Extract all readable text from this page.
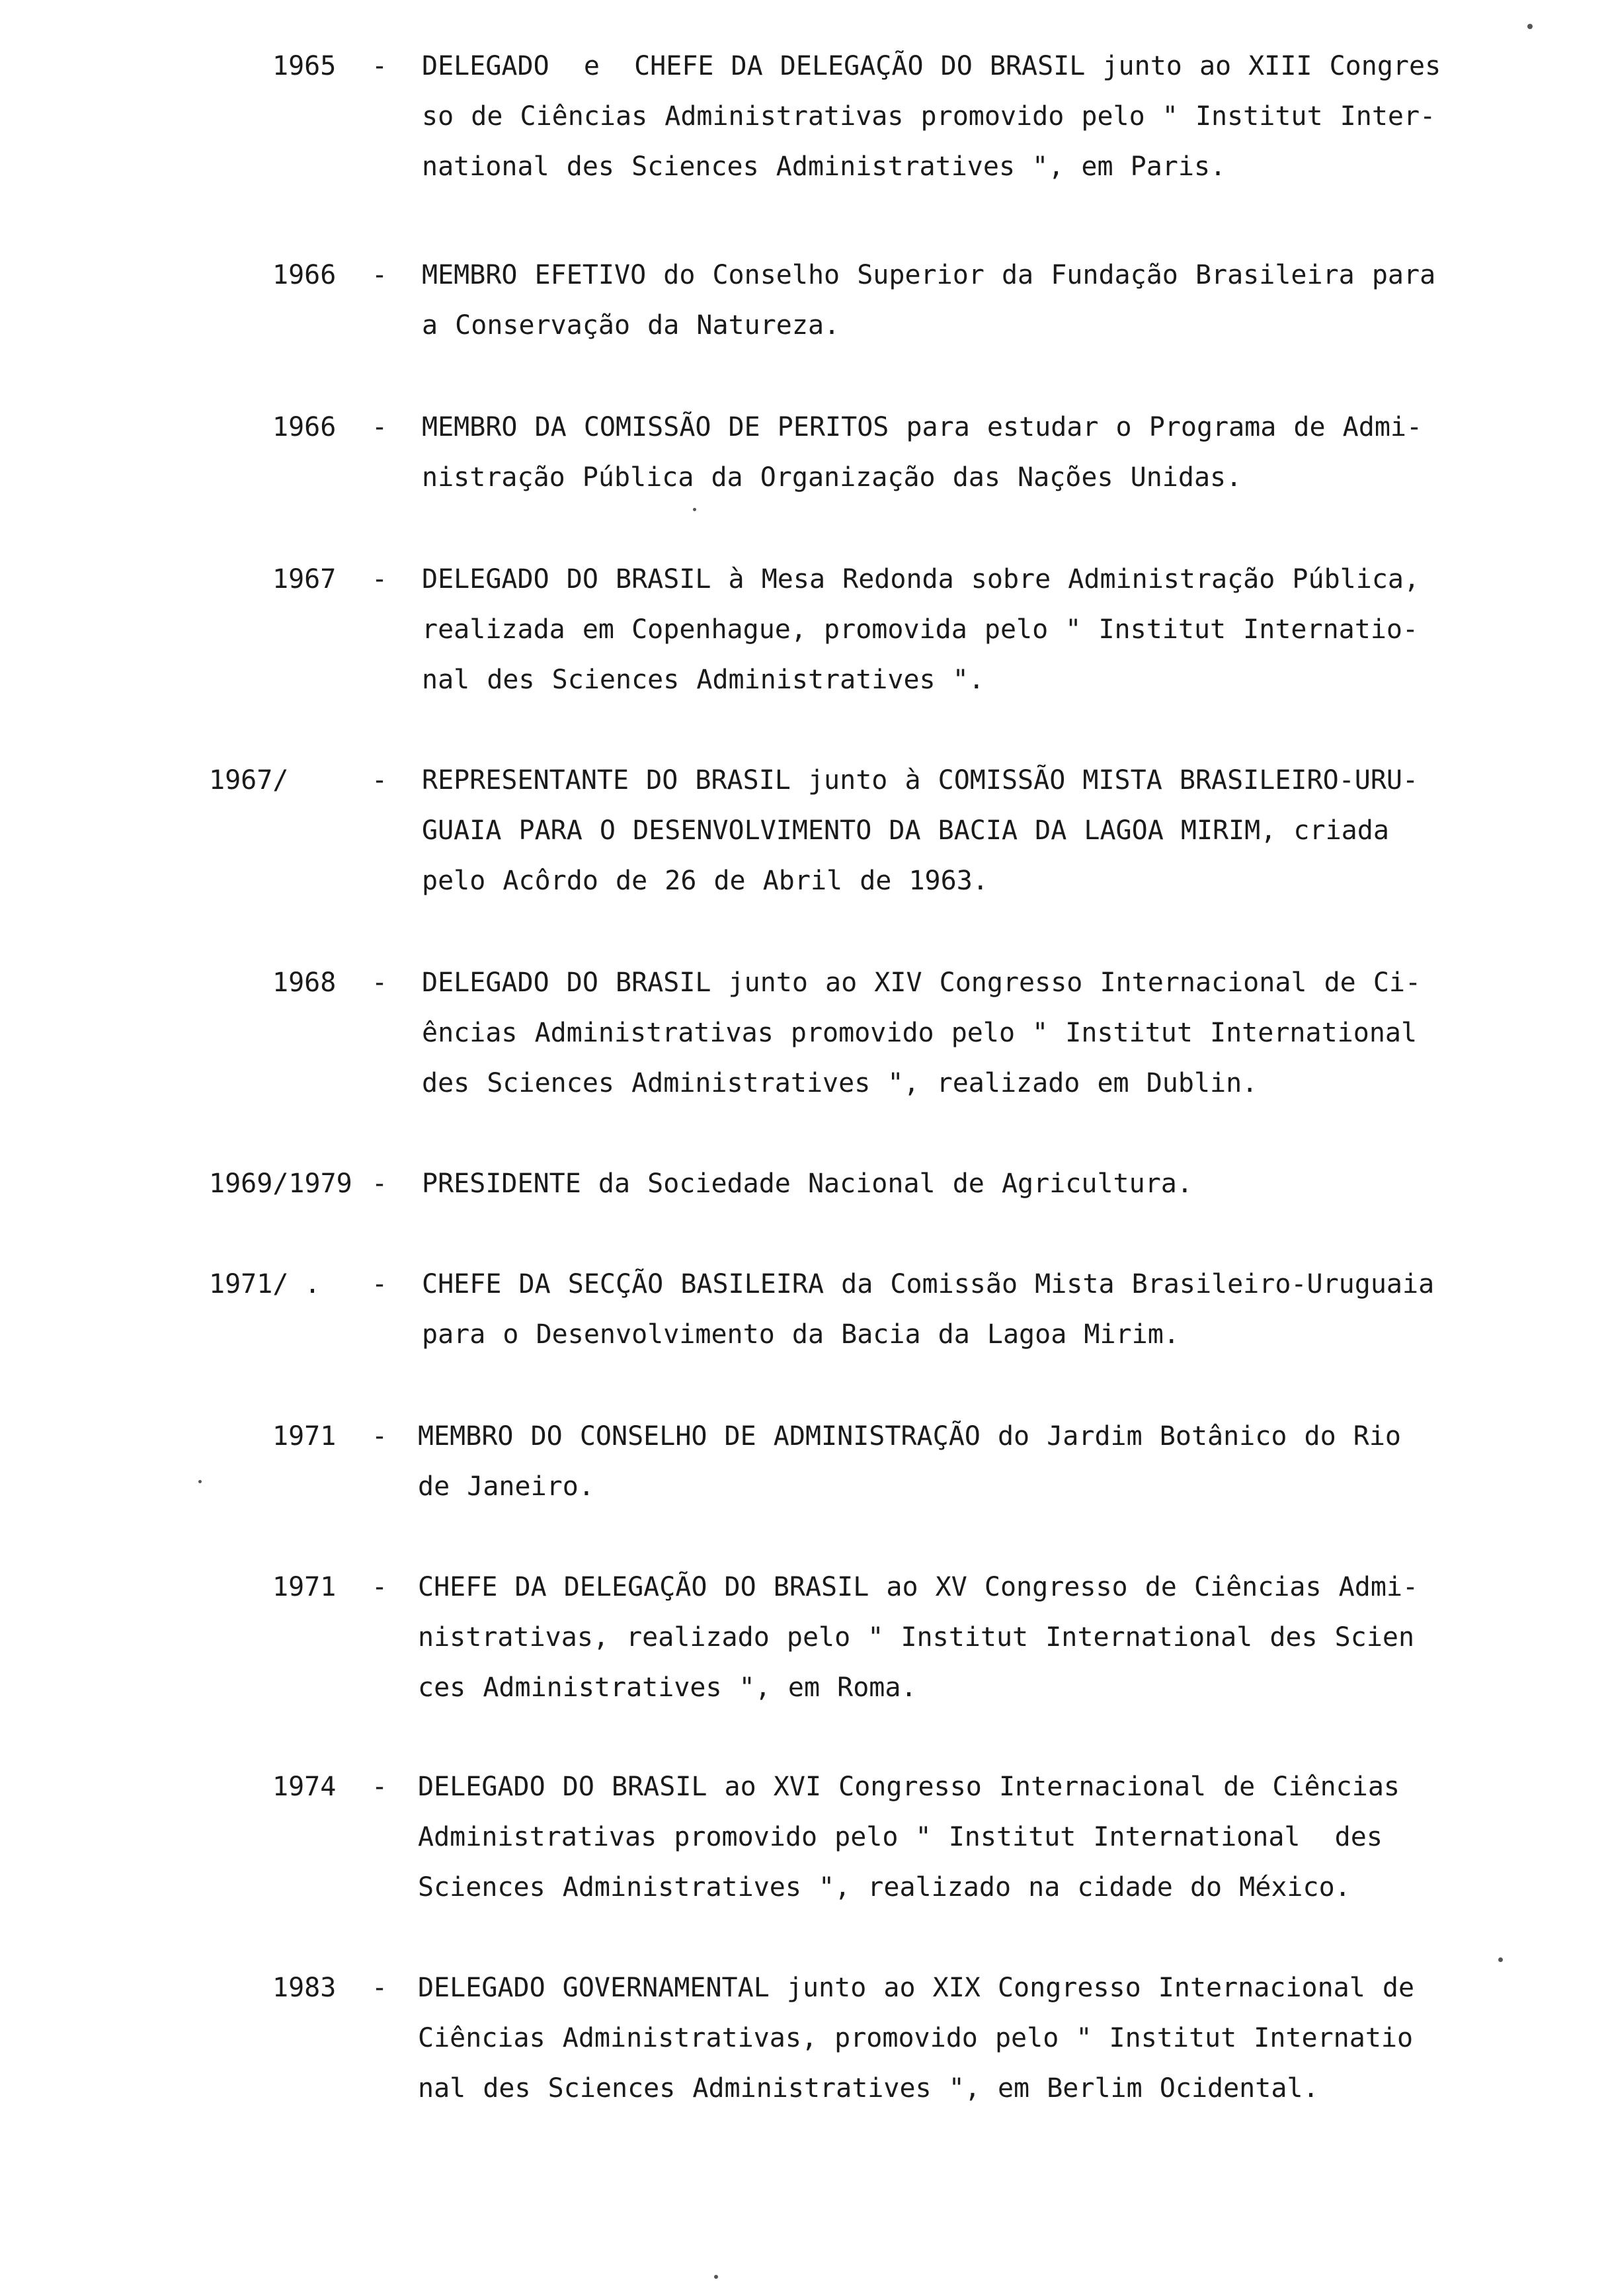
1965 - DELEGADO  e  CHEFE DA DELEGAÇÃO DO BRASIL junto ao XIII Congres
so de Ciências Administrativas promovido pelo " Institut Inter-
national des Sciences Administratives ", em Paris.
1966 - MEMBRO EFETIVO do Conselho Superior da Fundação Brasileira para
a Conservação da Natureza.
1966 - MEMBRO DA COMISSÃO DE PERITOS para estudar o Programa de Admi-
nistração Pública da Organização das Nações Unidas.
1967 - DELEGADO DO BRASIL à Mesa Redonda sobre Administração Pública,
realizada em Copenhague, promovida pelo " Institut Internatio-
nal des Sciences Administratives ".
1967/	- REPRESENTANTE DO BRASIL junto à COMISSÃO MISTA BRASILEIRO-URU-
GUAIA PARA O DESENVOLVIMENTO DA BACIA DA LAGOA MIRIM, criada
pelo Acôrdo de 26 de Abril de 1963.
1968 - DELEGADO DO BRASIL junto ao XIV Congresso Internacional de Ci-
ências Administrativas promovido pelo " Institut International
des Sciences Administratives ", realizado em Dublin.
1969/1979 - PRESIDENTE da Sociedade Nacional de Agricultura.
1971/ . - CHEFE DA SECÇÃO BASILEIRA da Comissão Mista Brasileiro-Uruguaia
para o Desenvolvimento da Bacia da Lagoa Mirim.
1971 - MEMBRO DO CONSELHO DE ADMINISTRAÇÃO do Jardim Botânico do Rio
de Janeiro.
1971 - CHEFE DA DELEGAÇÃO DO BRASIL ao XV Congresso de Ciências Admi-
nistrativas, realizado pelo " Institut International des Scien
ces Administratives ", em Roma.
1974 - DELEGADO DO BRASIL ao XVI Congresso Internacional de Ciências
Administrativas promovido pelo " Institut International  des
Sciences Administratives ", realizado na cidade do México.
1983 - DELEGADO GOVERNAMENTAL junto ao XIX Congresso Internacional de
Ciências Administrativas, promovido pelo " Institut Internatio
nal des Sciences Administratives ", em Berlim Ocidental.
